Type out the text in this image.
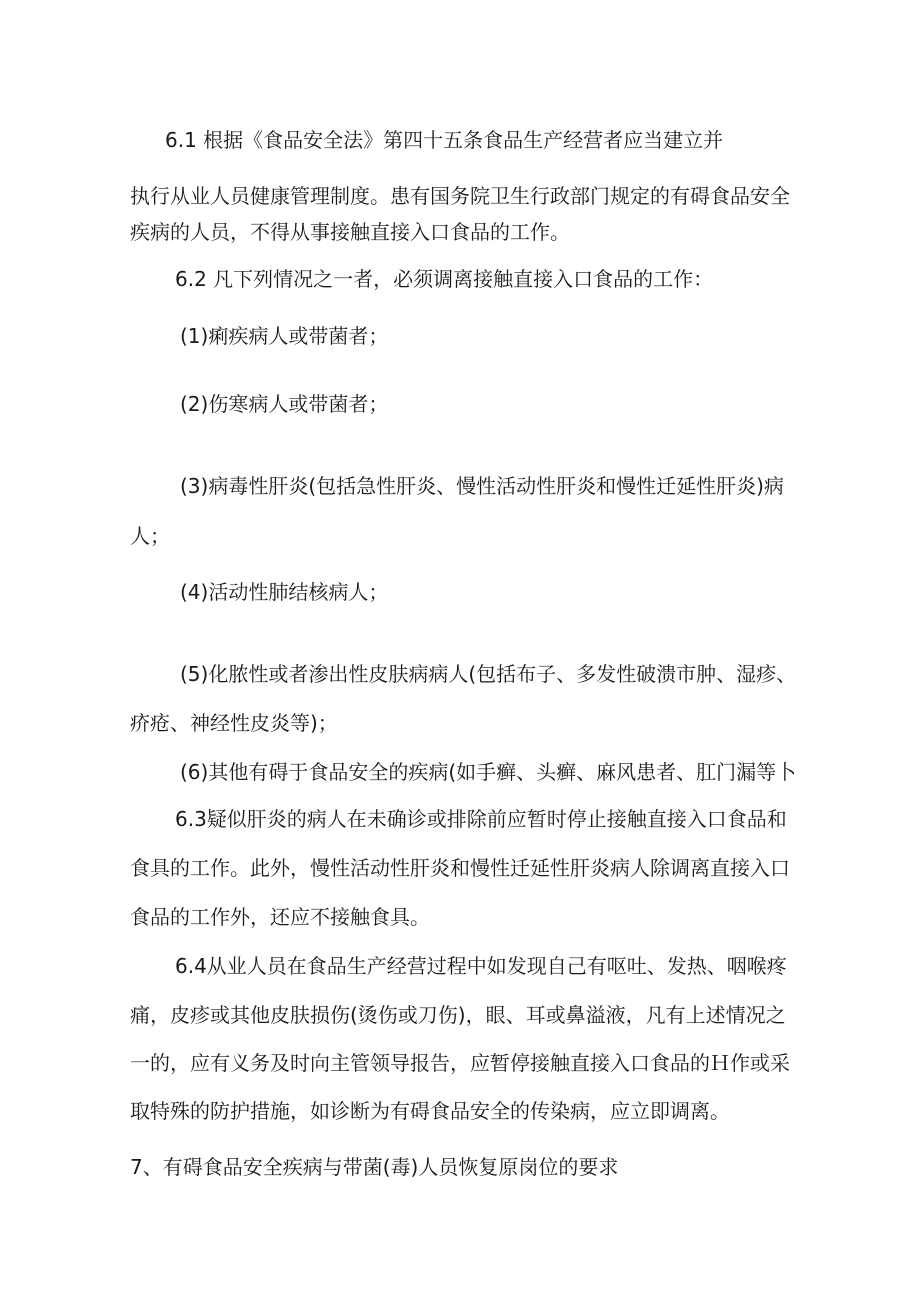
6.1 根据《食品安全法》第四十五条食品生产经营者应当建立并

执行从业人员健康管理制度。患有国务院卫生行政部门规定的有碍食品安全

疾病的人员，不得从事接触直接入口食品的工作。

6.2 凡下列情况之一者，必须调离接触直接入口食品的工作：

(1)痢疾病人或带菌者；

(2)伤寒病人或带菌者；

(3)病毒性肝炎(包括急性肝炎、慢性活动性肝炎和慢性迁延性肝炎)病

人；

(4)活动性肺结核病人；

(5)化脓性或者渗出性皮肤病病人(包括布子、多发性破溃市肿、湿疹、

疥疮、神经性皮炎等)；

(6)其他有碍于食品安全的疾病(如手癣、头癣、麻风患者、肛门漏等卜

6.3疑似肝炎的病人在未确诊或排除前应暂时停止接触直接入口食品和

食具的工作。此外，慢性活动性肝炎和慢性迁延性肝炎病人除调离直接入口

食品的工作外，还应不接触食具。

6.4从业人员在食品生产经营过程中如发现自己有呕吐、发热、咽喉疼

痛，皮疹或其他皮肤损伤(烫伤或刀伤)，眼、耳或鼻溢液，凡有上述情况之

一的，应有义务及时向主管领导报告，应暂停接触直接入口食品的Ｈ作或采

取特殊的防护措施，如诊断为有碍食品安全的传染病，应立即调离。

7、有碍食品安全疾病与带菌(毒)人员恢复原岗位的要求
